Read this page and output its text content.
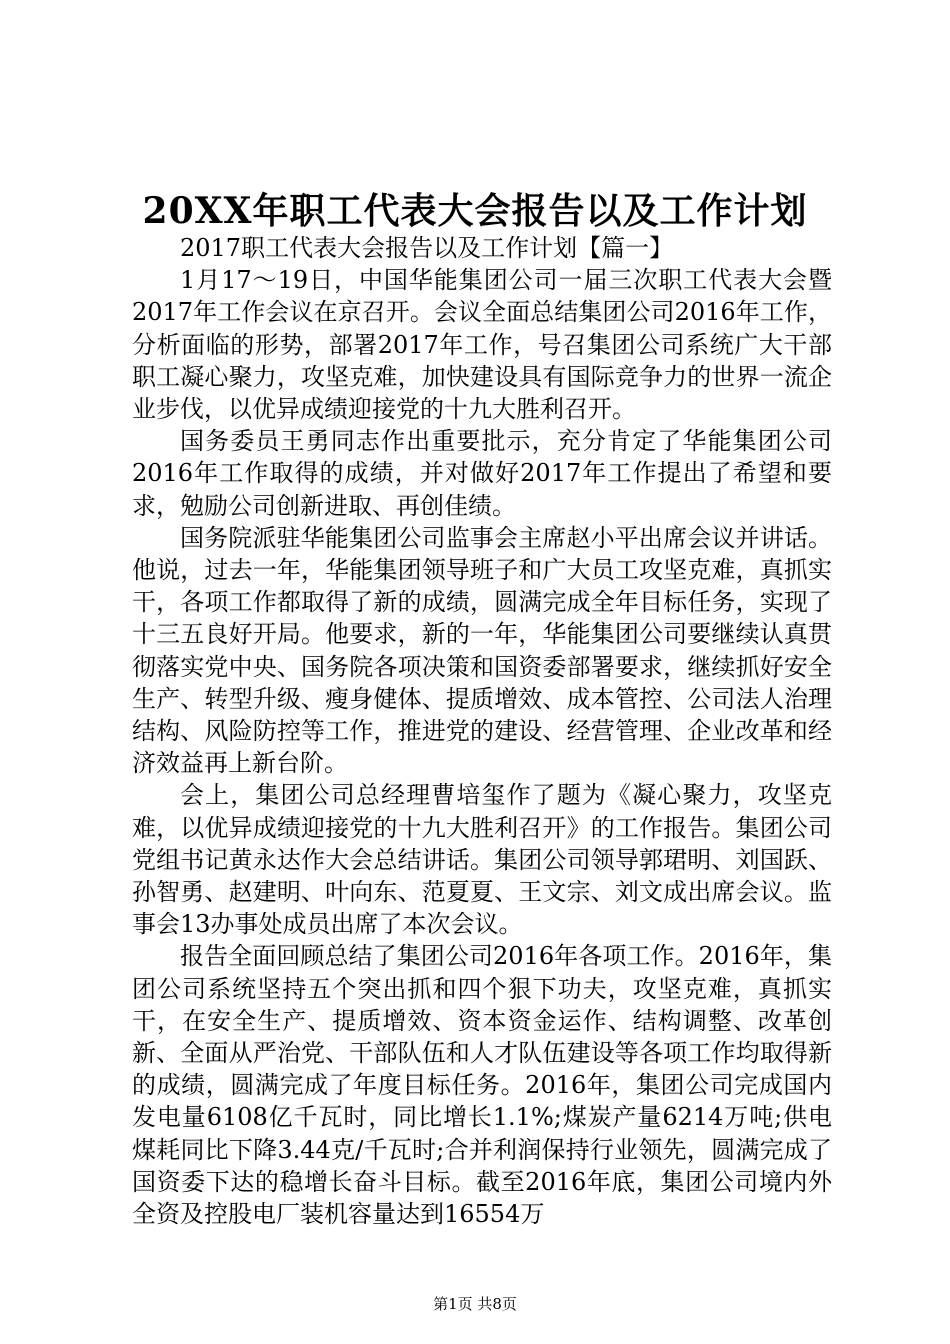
20XX年职工代表大会报告以及工作计划

2017职工代表大会报告以及工作计划【篇一】

1月17～19日，中国华能集团公司一届三次职工代表大会暨2017年工作会议在京召开。会议全面总结集团公司2016年工作，分析面临的形势，部署2017年工作，号召集团公司系统广大干部职工凝心聚力，攻坚克难，加快建设具有国际竞争力的世界一流企业步伐，以优异成绩迎接党的十九大胜利召开。

国务委员王勇同志作出重要批示，充分肯定了华能集团公司2016年工作取得的成绩，并对做好2017年工作提出了希望和要求，勉励公司创新进取、再创佳绩。

国务院派驻华能集团公司监事会主席赵小平出席会议并讲话。他说，过去一年，华能集团领导班子和广大员工攻坚克难，真抓实干，各项工作都取得了新的成绩，圆满完成全年目标任务，实现了十三五良好开局。他要求，新的一年，华能集团公司要继续认真贯彻落实党中央、国务院各项决策和国资委部署要求，继续抓好安全生产、转型升级、瘦身健体、提质增效、成本管控、公司法人治理结构、风险防控等工作，推进党的建设、经营管理、企业改革和经济效益再上新台阶。

会上，集团公司总经理曹培玺作了题为《凝心聚力，攻坚克难，以优异成绩迎接党的十九大胜利召开》的工作报告。集团公司党组书记黄永达作大会总结讲话。集团公司领导郭珺明、刘国跃、孙智勇、赵建明、叶向东、范夏夏、王文宗、刘文成出席会议。监事会13办事处成员出席了本次会议。

报告全面回顾总结了集团公司2016年各项工作。2016年，集团公司系统坚持五个突出抓和四个狠下功夫，攻坚克难，真抓实干，在安全生产、提质增效、资本资金运作、结构调整、改革创新、全面从严治党、干部队伍和人才队伍建设等各项工作均取得新的成绩，圆满完成了年度目标任务。2016年，集团公司完成国内发电量6108亿千瓦时，同比增长1.1%;煤炭产量6214万吨;供电煤耗同比下降3.44克/千瓦时;合并利润保持行业领先，圆满完成了国资委下达的稳增长奋斗目标。截至2016年底，集团公司境内外全资及控股电厂装机容量达到16554万

第1页 共8页
